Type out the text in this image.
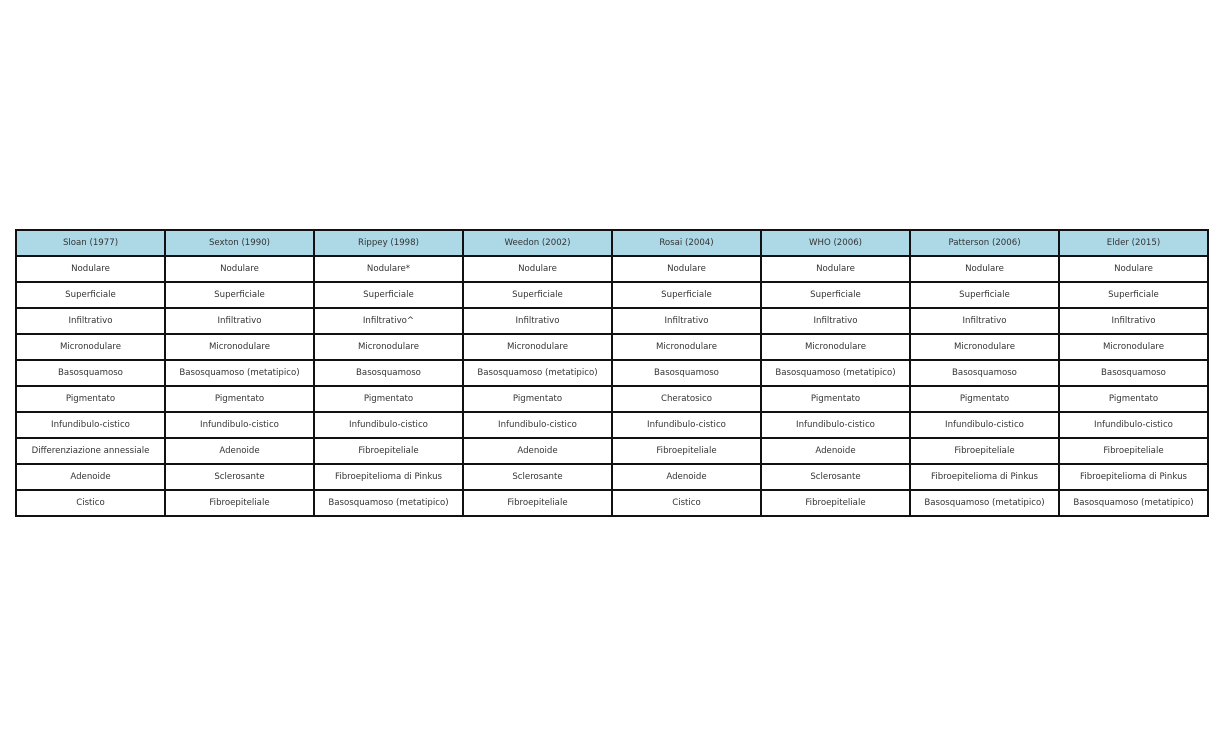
Sloan (1977)	Sexton (1990)	Rippey (1998)	Weedon (2002)	Rosai (2004)	WHO (2006)	Patterson (2006)	Elder (2015)
Nodulare	Nodulare	Nodulare*	Nodulare	Nodulare	Nodulare	Nodulare	Nodulare
Superficiale	Superficiale	Superficiale	Superficiale	Superficiale	Superficiale	Superficiale	Superficiale
Infiltrativo	Infiltrativo	Infiltrativo^	Infiltrativo	Infiltrativo	Infiltrativo	Infiltrativo	Infiltrativo
Micronodulare	Micronodulare	Micronodulare	Micronodulare	Micronodulare	Micronodulare	Micronodulare	Micronodulare
Basosquamoso	Basosquamoso (metatipico)	Basosquamoso	Basosquamoso (metatipico)	Basosquamoso	Basosquamoso (metatipico)	Basosquamoso	Basosquamoso
Pigmentato	Pigmentato	Pigmentato	Pigmentato	Cheratosico	Pigmentato	Pigmentato	Pigmentato
Infundibulo-cistico	Infundibulo-cistico	Infundibulo-cistico	Infundibulo-cistico	Infundibulo-cistico	Infundibulo-cistico	Infundibulo-cistico	Infundibulo-cistico
Differenziazione annessiale	Adenoide	Fibroepiteliale	Adenoide	Fibroepiteliale	Adenoide	Fibroepiteliale	Fibroepiteliale
Adenoide	Sclerosante	Fibroepitelioma di Pinkus	Sclerosante	Adenoide	Sclerosante	Fibroepitelioma di Pinkus	Fibroepitelioma di Pinkus
Cistico	Fibroepiteliale	Basosquamoso (metatipico)	Fibroepiteliale	Cistico	Fibroepiteliale	Basosquamoso (metatipico)	Basosquamoso (metatipico)
